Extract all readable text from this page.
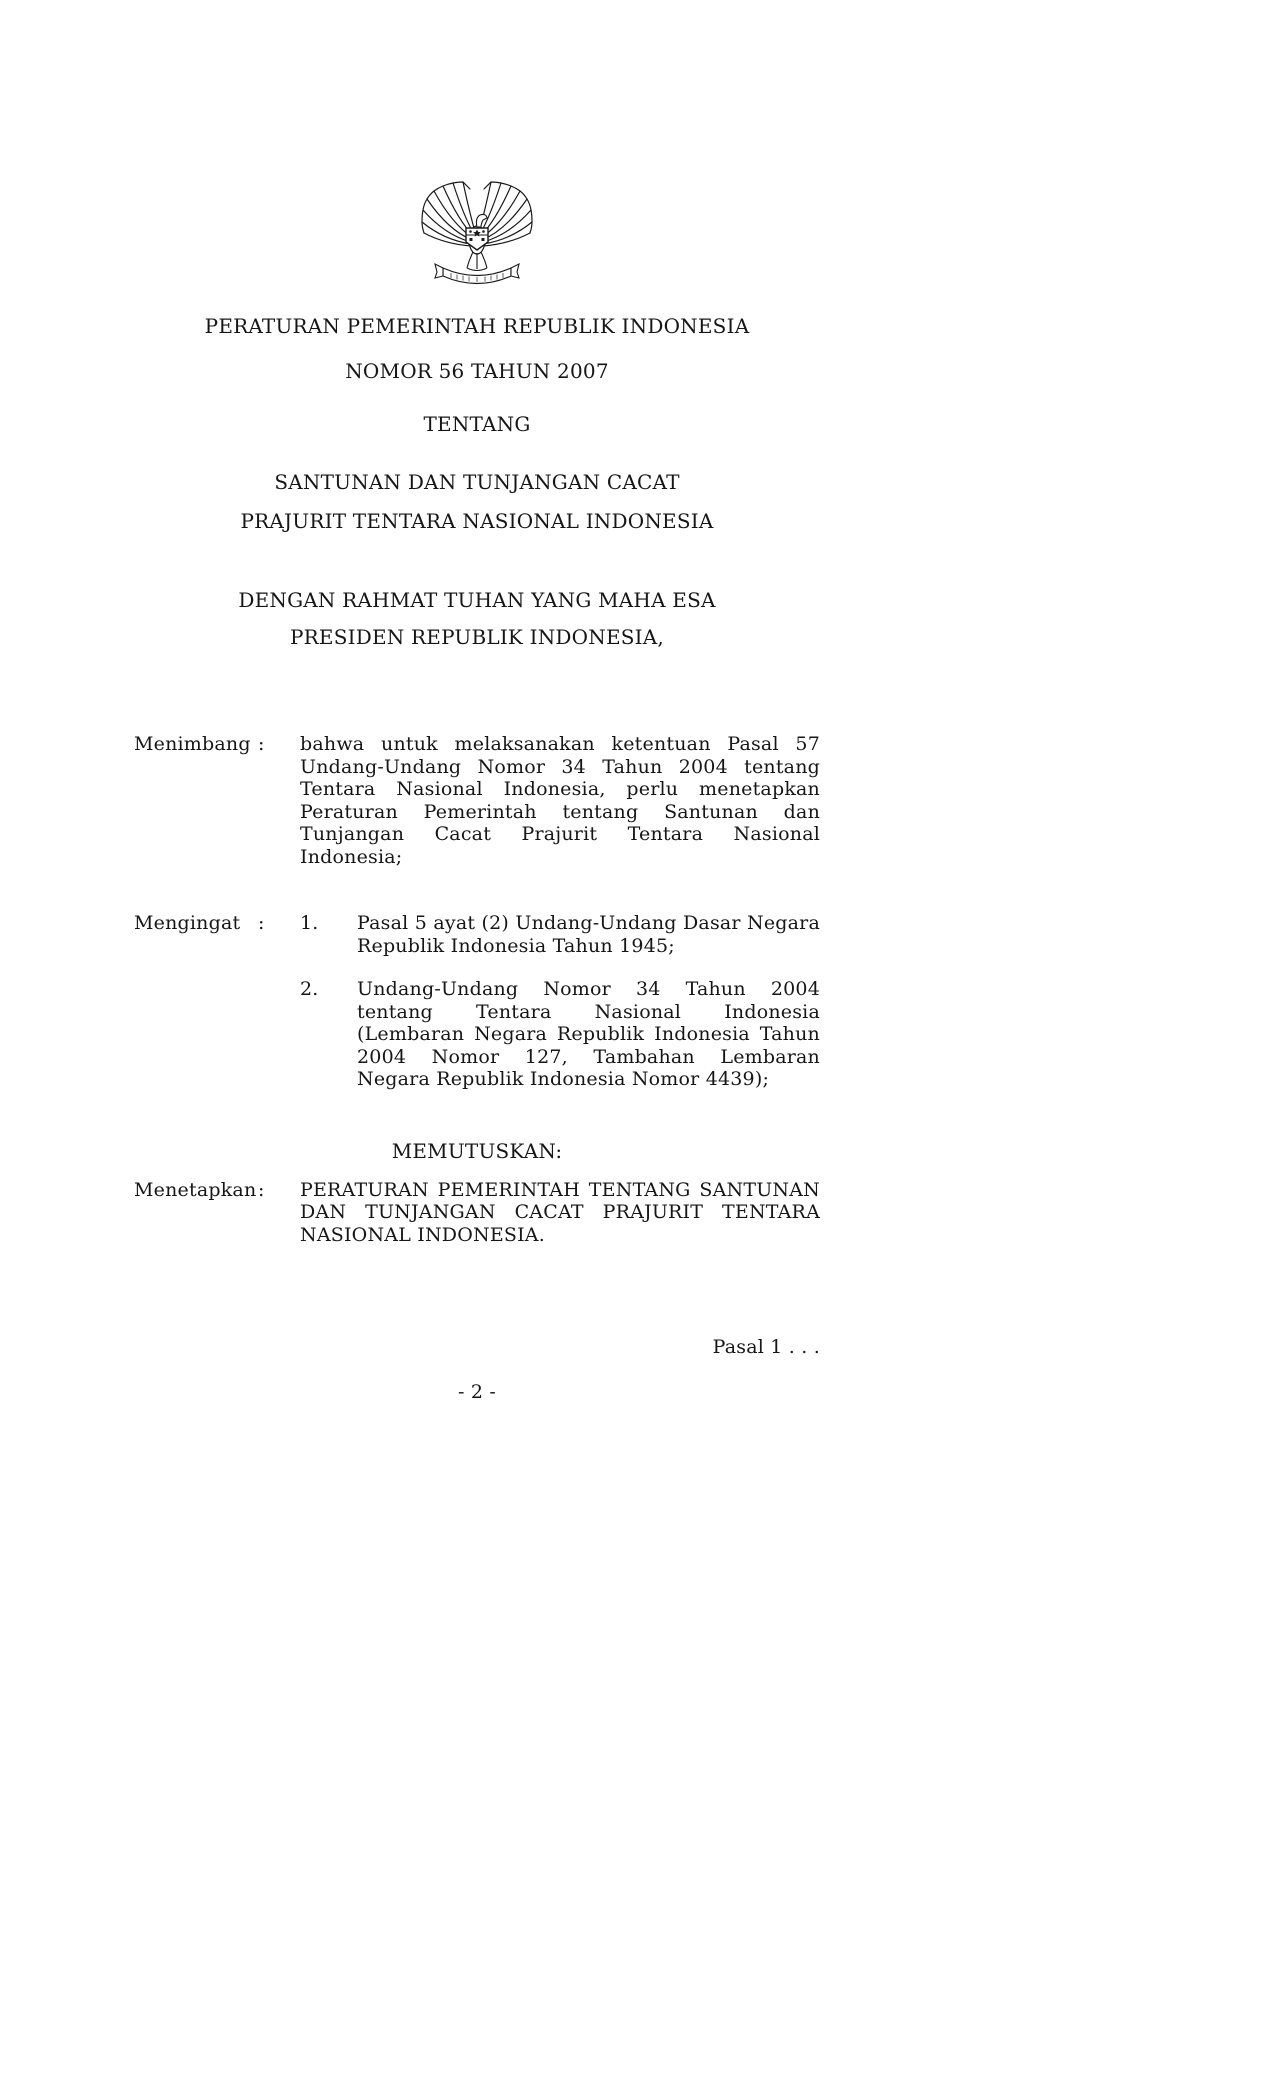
PERATURAN PEMERINTAH REPUBLIK INDONESIA
NOMOR 56 TAHUN 2007
TENTANG
SANTUNAN DAN TUNJANGAN CACAT
PRAJURIT TENTARA NASIONAL INDONESIA
DENGAN RAHMAT TUHAN YANG MAHA ESA
PRESIDEN REPUBLIK INDONESIA,
Menimbang :	bahwa untuk melaksanakan ketentuan Pasal 57 Undang-Undang Nomor 34 Tahun 2004 tentang Tentara Nasional Indonesia, perlu menetapkan Peraturan Pemerintah tentang Santunan dan Tunjangan Cacat Prajurit Tentara Nasional Indonesia;
Mengingat :	1.	Pasal 5 ayat (2) Undang-Undang Dasar Negara Republik Indonesia Tahun 1945;
2.	Undang-Undang Nomor 34 Tahun 2004 tentang Tentara Nasional Indonesia (Lembaran Negara Republik Indonesia Tahun 2004 Nomor 127, Tambahan Lembaran Negara Republik Indonesia Nomor 4439);
MEMUTUSKAN:
Menetapkan :	PERATURAN PEMERINTAH TENTANG SANTUNAN DAN TUNJANGAN CACAT PRAJURIT TENTARA NASIONAL INDONESIA.
Pasal 1 . . .
- 2 -
